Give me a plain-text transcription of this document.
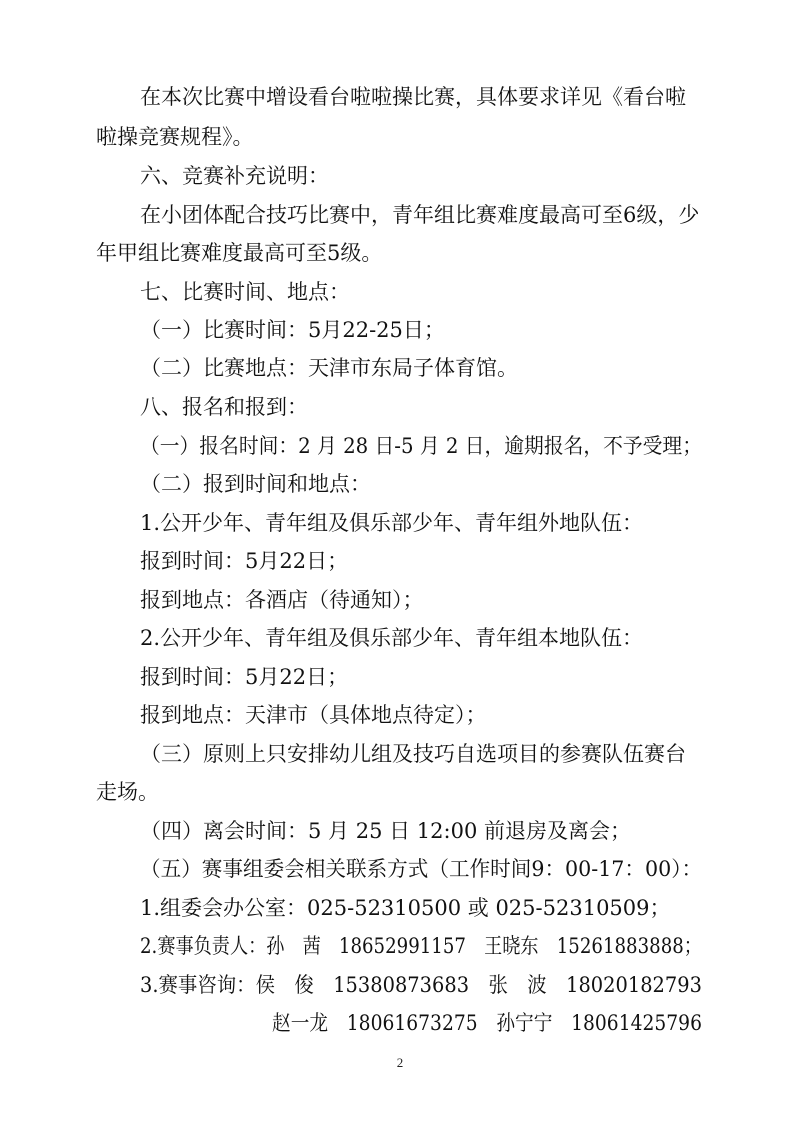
在本次比赛中增设看台啦啦操比赛，具体要求详见《看台啦
啦操竞赛规程》。
六、竞赛补充说明：
在小团体配合技巧比赛中，青年组比赛难度最高可至6级，少
年甲组比赛难度最高可至5级。
七、比赛时间、地点：
（一）比赛时间：5月22-25日；
（二）比赛地点：天津市东局子体育馆。
八、报名和报到：
（一）报名时间：2 月 28 日-5 月 2 日，逾期报名，不予受理；
（二）报到时间和地点：
1.公开少年、青年组及俱乐部少年、青年组外地队伍：
报到时间：5月22日；
报到地点：各酒店（待通知）；
2.公开少年、青年组及俱乐部少年、青年组本地队伍：
报到时间：5月22日；
报到地点：天津市（具体地点待定）；
（三）原则上只安排幼儿组及技巧自选项目的参赛队伍赛台
走场。
（四）离会时间：5 月 25 日 12:00 前退房及离会；
（五）赛事组委会相关联系方式（工作时间9：00-17：00）：
1.组委会办公室：025-52310500 或 025-52310509；
2.赛事负责人：孙　茜　18652991157　王晓东　15261883888；
3.赛事咨询：侯　俊　15380873683　张　波　18020182793
赵一龙　18061673275　孙宁宁　18061425796
2
